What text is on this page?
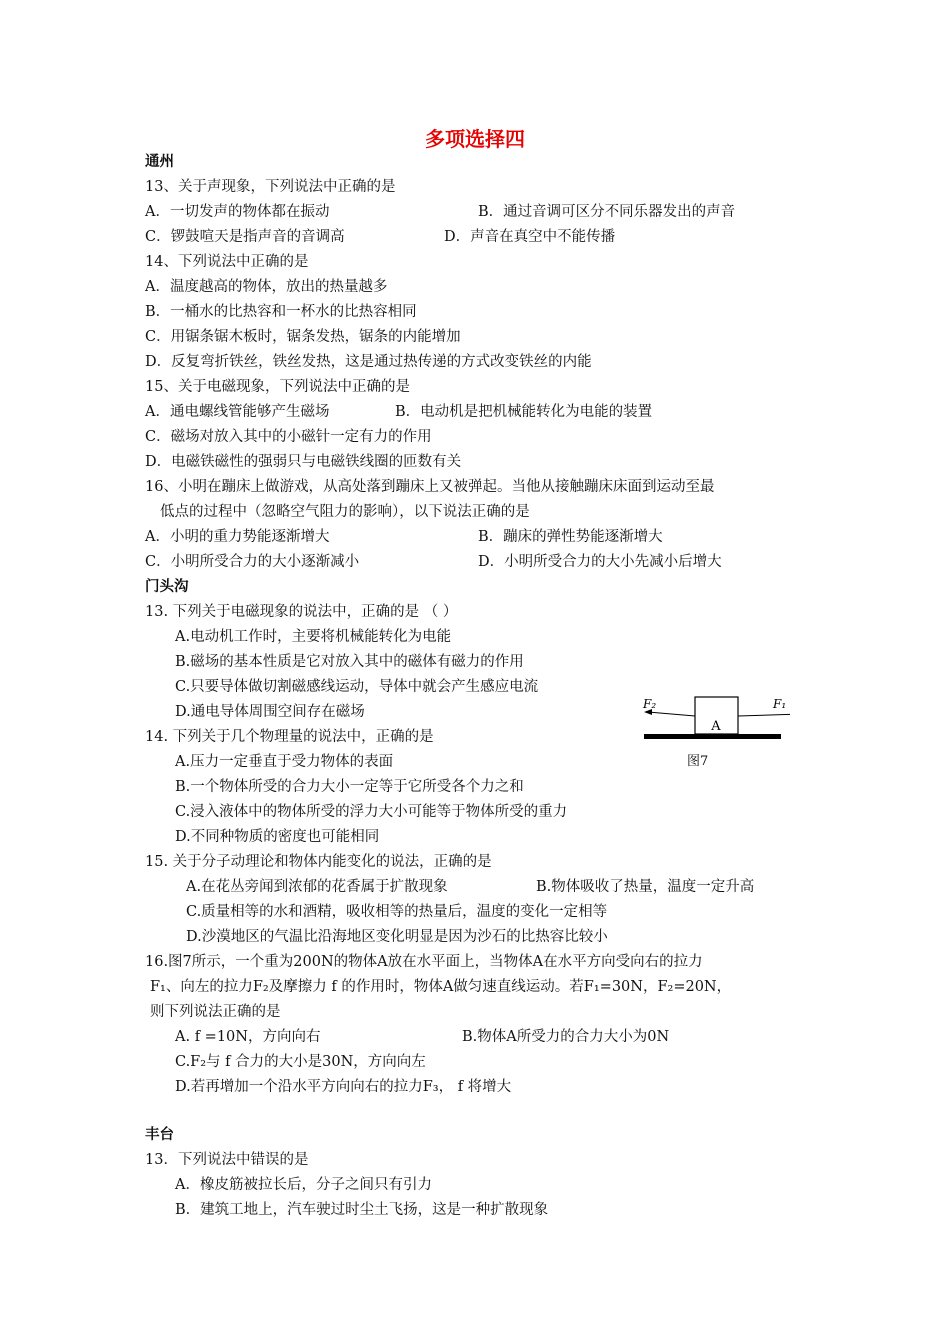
多项选择四
通州
13、关于声现象，下列说法中正确的是
A．一切发声的物体都在振动	B．通过音调可区分不同乐器发出的声音
C．锣鼓喧天是指声音的音调高	D．声音在真空中不能传播
14、下列说法中正确的是
A．温度越高的物体，放出的热量越多
B．一桶水的比热容和一杯水的比热容相同
C．用锯条锯木板时，锯条发热，锯条的内能增加
D．反复弯折铁丝，铁丝发热，这是通过热传递的方式改变铁丝的内能
15、关于电磁现象，下列说法中正确的是
A．通电螺线管能够产生磁场	B．电动机是把机械能转化为电能的装置
C．磁场对放入其中的小磁针一定有力的作用
D．电磁铁磁性的强弱只与电磁铁线圈的匝数有关
16、小明在蹦床上做游戏，从高处落到蹦床上又被弹起。当他从接触蹦床床面到运动至最
低点的过程中（忽略空气阻力的影响），以下说法正确的是
A．小明的重力势能逐渐增大	B．蹦床的弹性势能逐渐增大
C．小明所受合力的大小逐渐减小	D．小明所受合力的大小先减小后增大
门头沟
13. 下列关于电磁现象的说法中，正确的是 （ ）
A.电动机工作时，主要将机械能转化为电能
B.磁场的基本性质是它对放入其中的磁体有磁力的作用
C.只要导体做切割磁感线运动，导体中就会产生感应电流
D.通电导体周围空间存在磁场
A
F₂	F₁
图7
14. 下列关于几个物理量的说法中，正确的是
A.压力一定垂直于受力物体的表面
B.一个物体所受的合力大小一定等于它所受各个力之和
C.浸入液体中的物体所受的浮力大小可能等于物体所受的重力
D.不同种物质的密度也可能相同
15. 关于分子动理论和物体内能变化的说法，正确的是
A.在花丛旁闻到浓郁的花香属于扩散现象	B.物体吸收了热量，温度一定升高
C.质量相等的水和酒精，吸收相等的热量后，温度的变化一定相等
D.沙漠地区的气温比沿海地区变化明显是因为沙石的比热容比较小
16.图7所示，一个重为200N的物体A放在水平面上，当物体A在水平方向受向右的拉力
F₁、向左的拉力F₂及摩擦力 f 的作用时，物体A做匀速直线运动。若F₁=30N，F₂=20N，
则下列说法正确的是
A. f =10N，方向向右	B.物体A所受力的合力大小为0N
C.F₂与 f 合力的大小是30N，方向向左
D.若再增加一个沿水平方向向右的拉力F₃， f 将增大
丰台
13．下列说法中错误的是
A．橡皮筋被拉长后，分子之间只有引力
B．建筑工地上，汽车驶过时尘土飞扬，这是一种扩散现象
